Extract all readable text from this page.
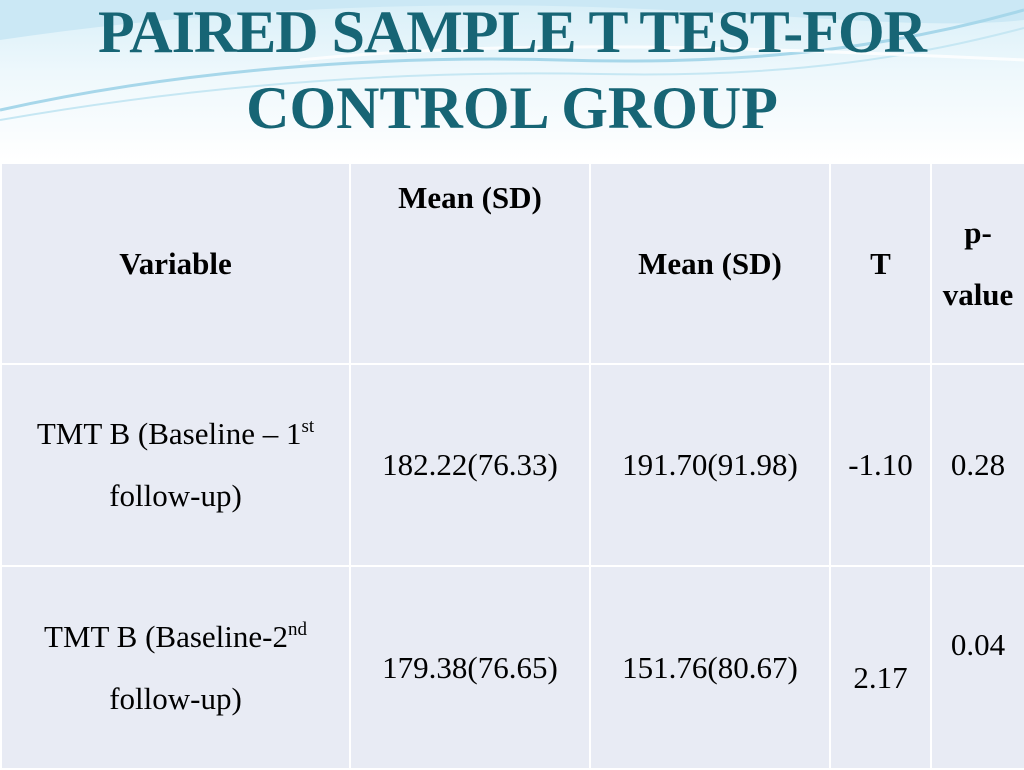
PAIRED SAMPLE T TEST-FOR
CONTROL GROUP
Variable	Mean (SD)	Mean (SD)	T	p-
value

TMT B (Baseline – 1st
follow-up)	182.22(76.33)	191.70(91.98)	-1.10	0.28

TMT B (Baseline-2nd
follow-up)	179.38(76.65)	151.76(80.67)	2.17	0.04
